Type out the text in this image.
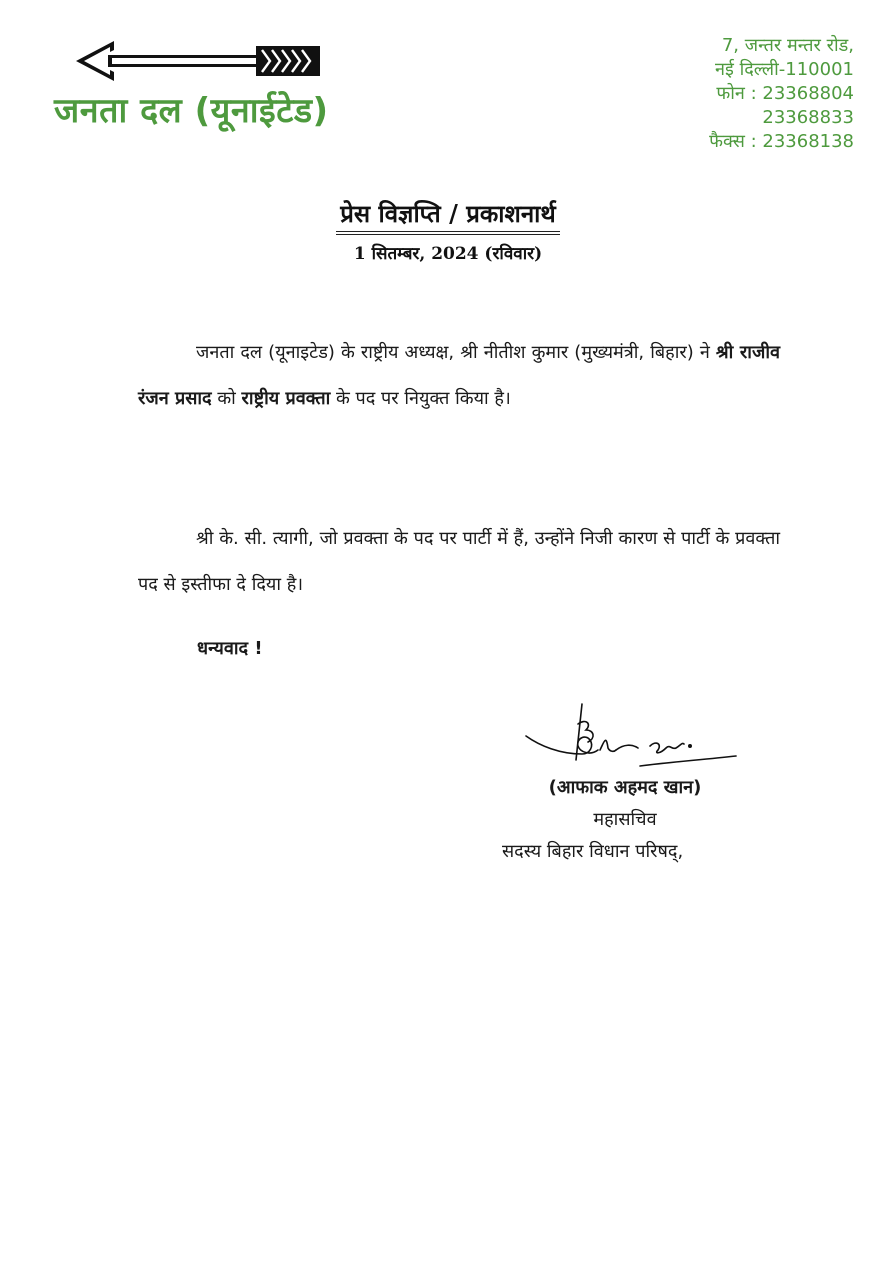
जनता दल (यूनाईटेड)
7, जन्तर मन्तर रोड,
नई दिल्ली-110001
फोन : 23368804
23368833
फैक्स : 23368138
प्रेस विज्ञप्ति / प्रकाशनार्थ
1 सितम्बर, 2024 (रविवार)
जनता दल (यूनाइटेड) के राष्ट्रीय अध्यक्ष, श्री नीतीश कुमार (मुख्यमंत्री, बिहार) ने श्री राजीव रंजन प्रसाद को राष्ट्रीय प्रवक्ता के पद पर नियुक्त किया है।
श्री के. सी. त्यागी, जो प्रवक्ता के पद पर पार्टी में हैं, उन्होंने निजी कारण से पार्टी के प्रवक्ता पद से इस्तीफा दे दिया है।
धन्यवाद !
(आफाक अहमद खान)
महासचिव
सदस्य बिहार विधान परिषद्,
